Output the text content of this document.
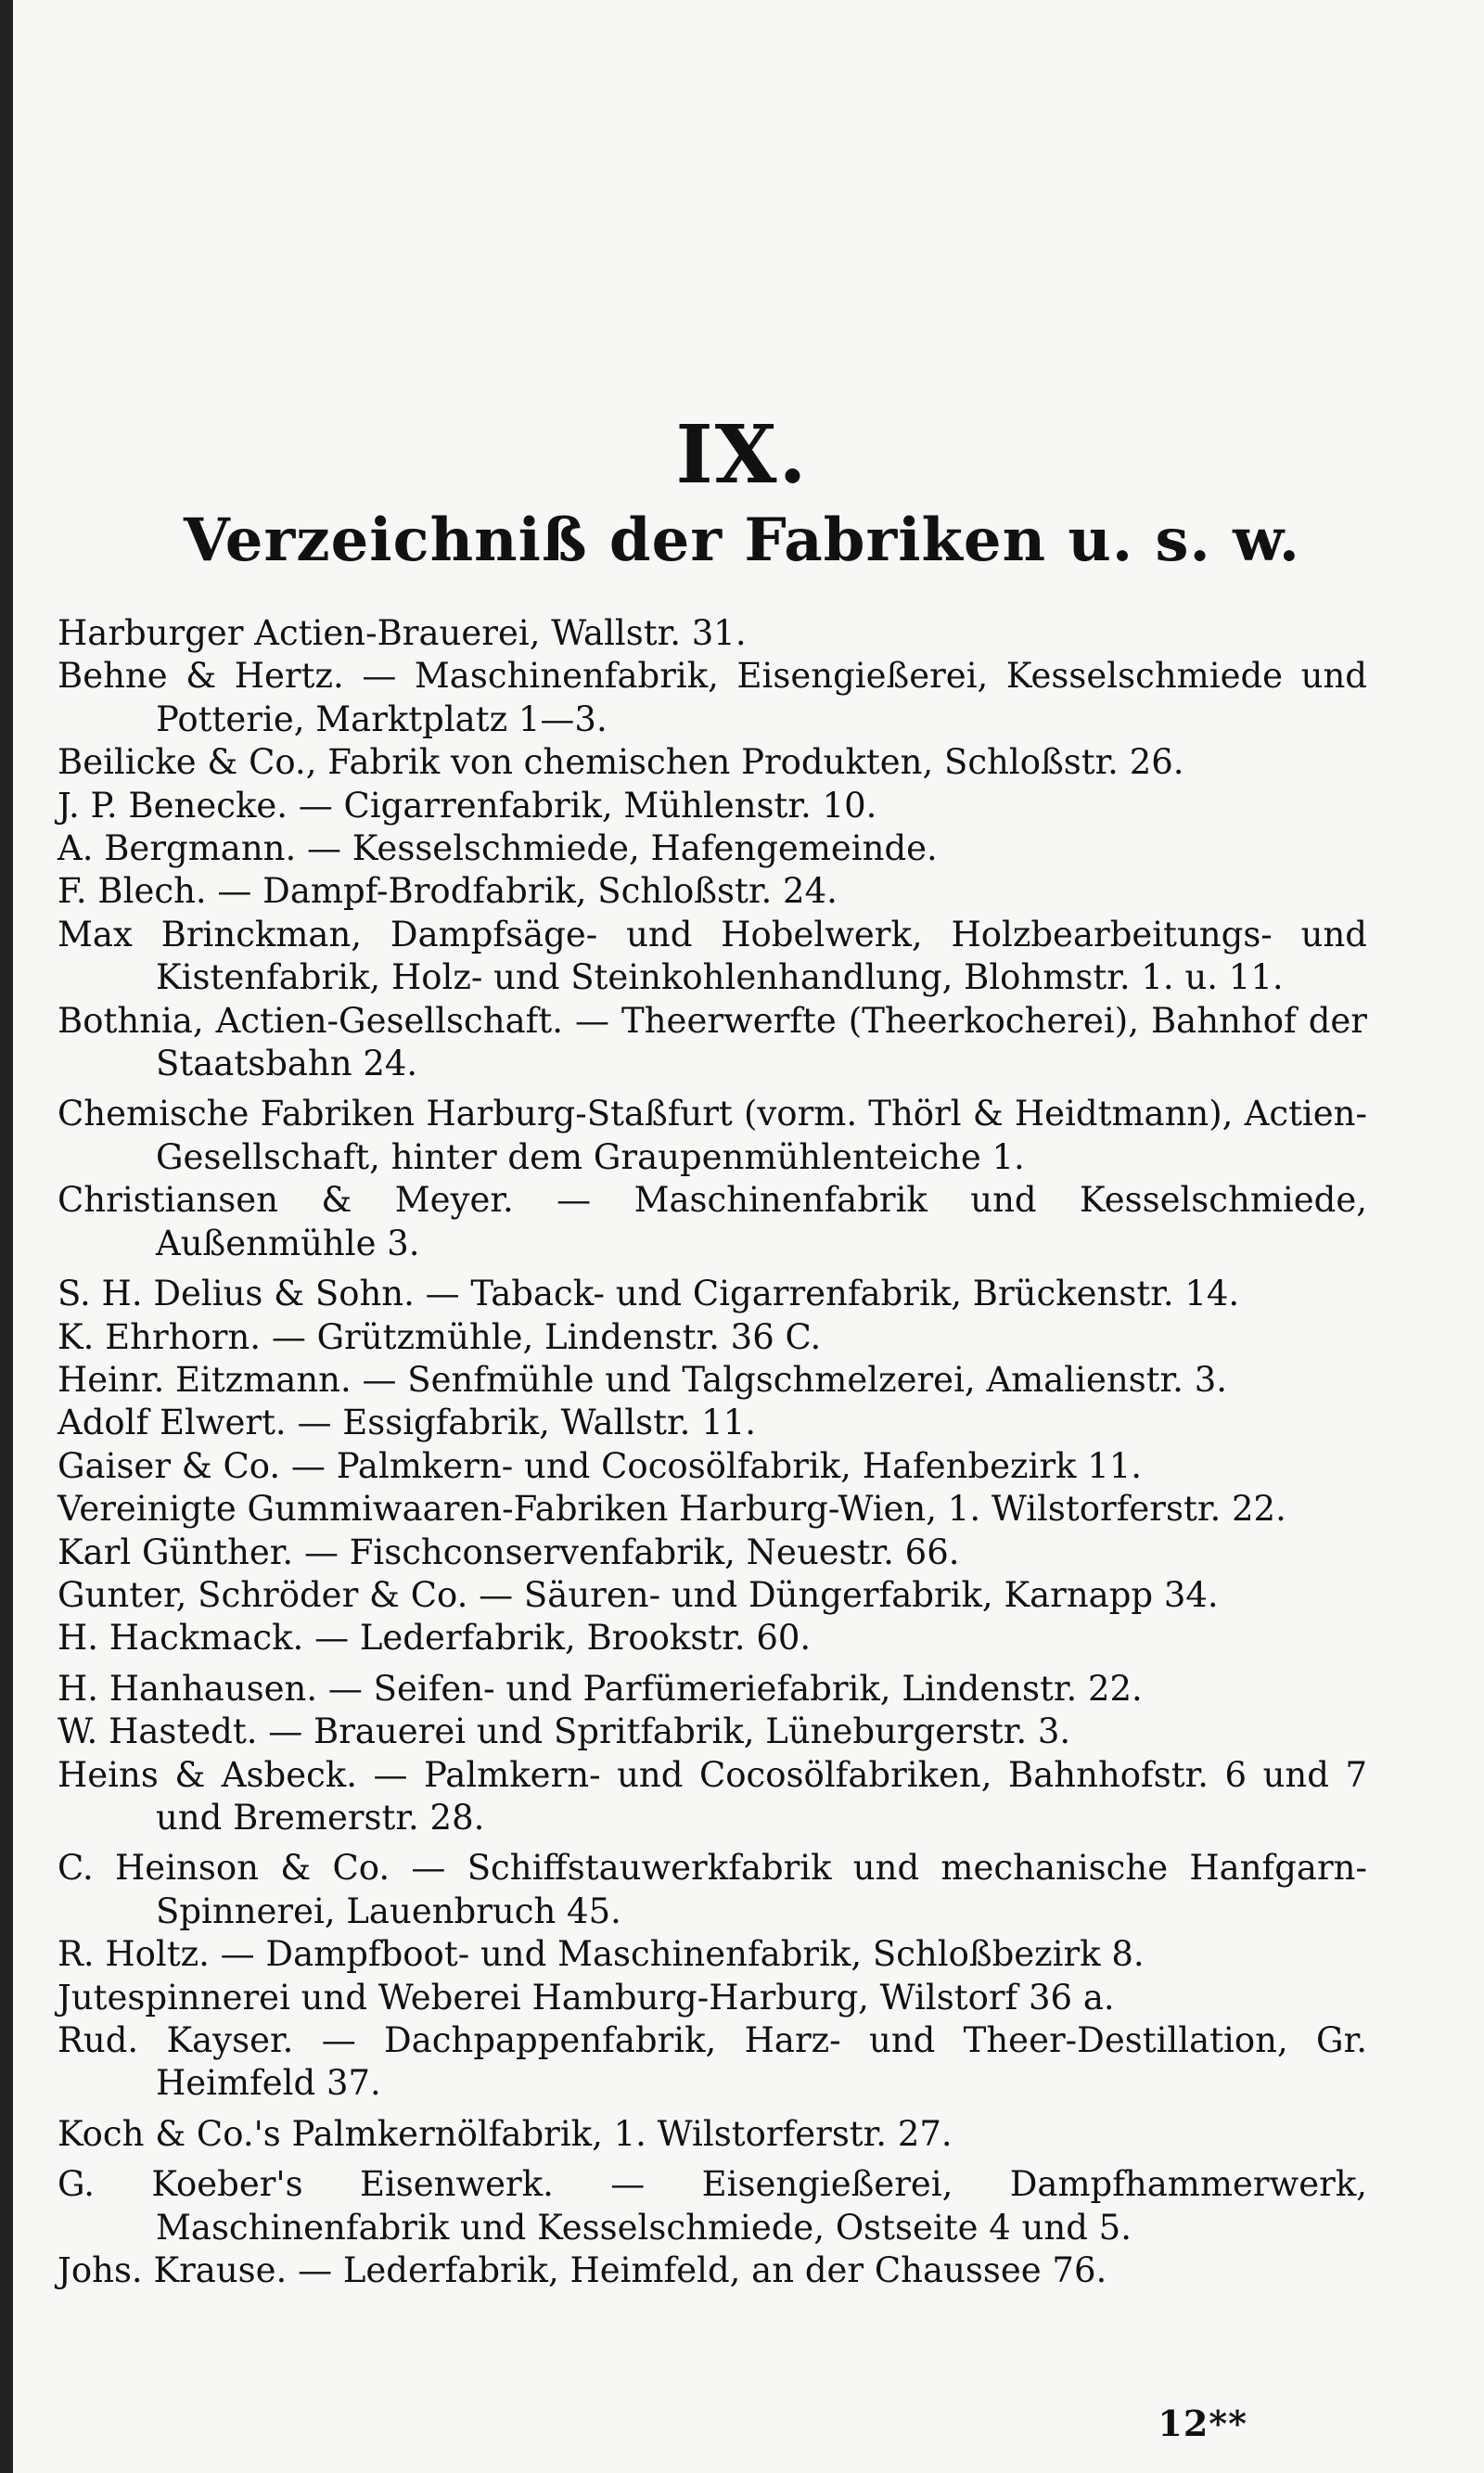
IX.
Verzeichniß der Fabriken u. s. w.
Harburger Actien-Brauerei, Wallstr. 31.
Behne & Hertz. — Maschinenfabrik, Eisengießerei, Kesselschmiede und Potterie, Marktplatz 1—3.
Beilicke & Co., Fabrik von chemischen Produkten, Schloßstr. 26.
J. P. Benecke. — Cigarrenfabrik, Mühlenstr. 10.
A. Bergmann. — Kesselschmiede, Hafengemeinde.
F. Blech. — Dampf-Brodfabrik, Schloßstr. 24.
Max Brinckman, Dampfsäge- und Hobelwerk, Holzbearbeitungs- und Kistenfabrik, Holz- und Steinkohlenhandlung, Blohmstr. 1. u. 11.
Bothnia, Actien-Gesellschaft. — Theerwerfte (Theerkocherei), Bahnhof der Staatsbahn 24.
Chemische Fabriken Harburg-Staßfurt (vorm. Thörl & Heidtmann), Actien-Gesellschaft, hinter dem Graupenmühlenteiche 1.
Christiansen & Meyer. — Maschinenfabrik und Kesselschmiede, Außenmühle 3.
S. H. Delius & Sohn. — Taback- und Cigarrenfabrik, Brückenstr. 14.
K. Ehrhorn. — Grützmühle, Lindenstr. 36 C.
Heinr. Eitzmann. — Senfmühle und Talgschmelzerei, Amalienstr. 3.
Adolf Elwert. — Essigfabrik, Wallstr. 11.
Gaiser & Co. — Palmkern- und Cocosölfabrik, Hafenbezirk 11.
Vereinigte Gummiwaaren-Fabriken Harburg-Wien, 1. Wilstorferstr. 22.
Karl Günther. — Fischconservenfabrik, Neuestr. 66.
Gunter, Schröder & Co. — Säuren- und Düngerfabrik, Karnapp 34.
H. Hackmack. — Lederfabrik, Brookstr. 60.
H. Hanhausen. — Seifen- und Parfümeriefabrik, Lindenstr. 22.
W. Hastedt. — Brauerei und Spritfabrik, Lüneburgerstr. 3.
Heins & Asbeck. — Palmkern- und Cocosölfabriken, Bahnhofstr. 6 und 7 und Bremerstr. 28.
C. Heinson & Co. — Schiffstauwerkfabrik und mechanische Hanfgarn-Spinnerei, Lauenbruch 45.
R. Holtz. — Dampfboot- und Maschinenfabrik, Schloßbezirk 8.
Jutespinnerei und Weberei Hamburg-Harburg, Wilstorf 36 a.
Rud. Kayser. — Dachpappenfabrik, Harz- und Theer-Destillation, Gr. Heimfeld 37.
Koch & Co.'s Palmkernölfabrik, 1. Wilstorferstr. 27.
G. Koeber's Eisenwerk. — Eisengießerei, Dampfhammerwerk, Maschinenfabrik und Kesselschmiede, Ostseite 4 und 5.
Johs. Krause. — Lederfabrik, Heimfeld, an der Chaussee 76.
12**
